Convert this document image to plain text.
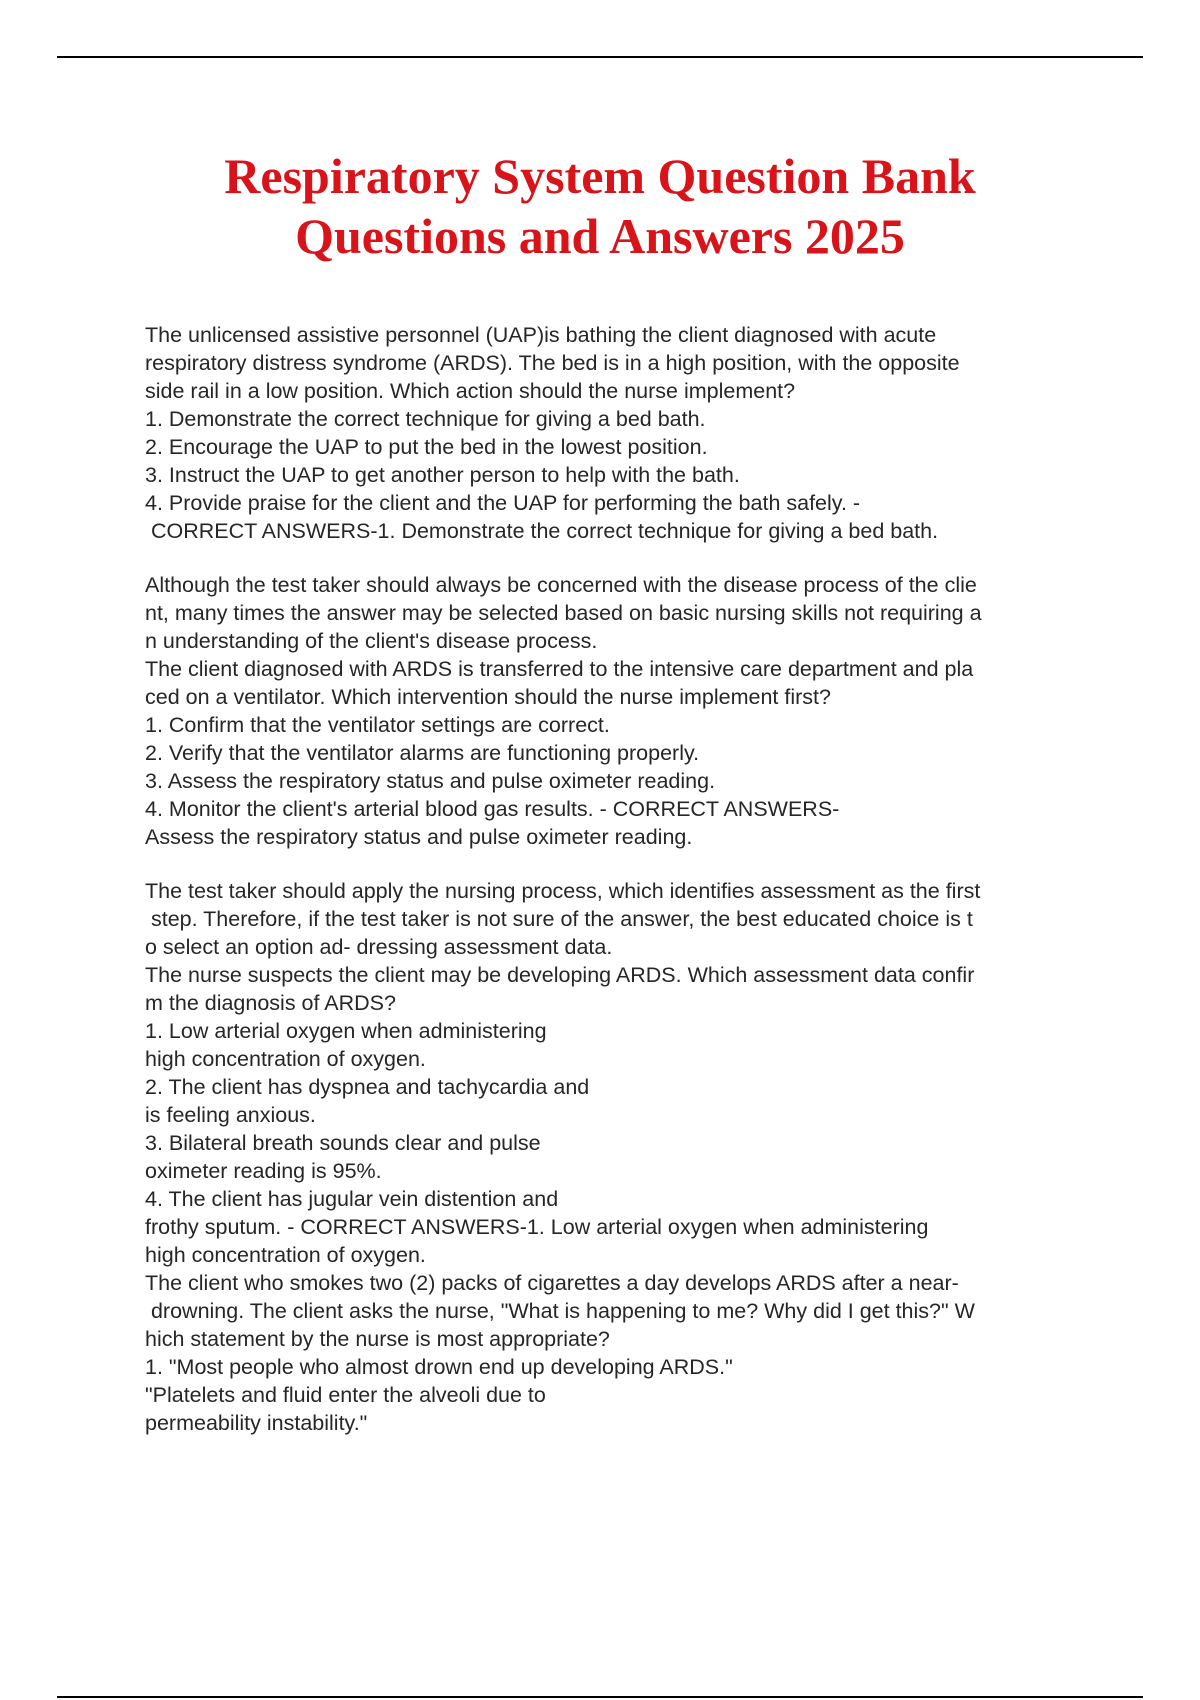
Respiratory System Question Bank
Questions and Answers 2025
The unlicensed assistive personnel (UAP)is bathing the client diagnosed with acute
respiratory distress syndrome (ARDS). The bed is in a high position, with the opposite
side rail in a low position. Which action should the nurse implement?
1. Demonstrate the correct technique for giving a bed bath.
2. Encourage the UAP to put the bed in the lowest position.
3. Instruct the UAP to get another person to help with the bath.
4. Provide praise for the client and the UAP for performing the bath safely. -
CORRECT ANSWERS-1. Demonstrate the correct technique for giving a bed bath.
Although the test taker should always be concerned with the disease process of the clie
nt, many times the answer may be selected based on basic nursing skills not requiring a
n understanding of the client's disease process.
The client diagnosed with ARDS is transferred to the intensive care department and pla
ced on a ventilator. Which intervention should the nurse implement first?
1. Confirm that the ventilator settings are correct.
2. Verify that the ventilator alarms are functioning properly.
3. Assess the respiratory status and pulse oximeter reading.
4. Monitor the client's arterial blood gas results. - CORRECT ANSWERS-
Assess the respiratory status and pulse oximeter reading.
The test taker should apply the nursing process, which identifies assessment as the first
step. Therefore, if the test taker is not sure of the answer, the best educated choice is t
o select an option ad- dressing assessment data.
The nurse suspects the client may be developing ARDS. Which assessment data confir
m the diagnosis of ARDS?
1. Low arterial oxygen when administering
high concentration of oxygen.
2. The client has dyspnea and tachycardia and
is feeling anxious.
3. Bilateral breath sounds clear and pulse
oximeter reading is 95%.
4. The client has jugular vein distention and
frothy sputum. - CORRECT ANSWERS-1. Low arterial oxygen when administering
high concentration of oxygen.
The client who smokes two (2) packs of cigarettes a day develops ARDS after a near-
drowning. The client asks the nurse, "What is happening to me? Why did I get this?" W
hich statement by the nurse is most appropriate?
1. "Most people who almost drown end up developing ARDS."
"Platelets and fluid enter the alveoli due to
permeability instability."
